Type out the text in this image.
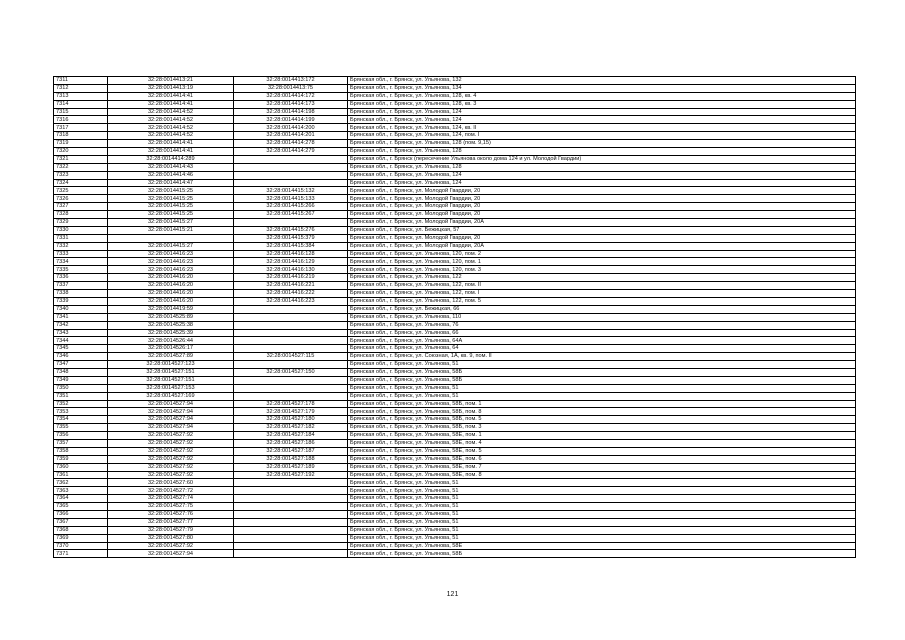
7311	32:28:0014413:21	32:28:0014413:172	Брянская обл., г. Брянск, ул. Ульянова, 132
7312	32:28:0014413:19	32:28:0014413:75	Брянская обл., г. Брянск, ул. Ульянова, 134
7313	32:28:0014414:41	32:28:0014414:172	Брянская обл., г. Брянск, ул. Ульянова, 128, кв. 4
7314	32:28:0014414:41	32:28:0014414:173	Брянская обл., г. Брянск, ул. Ульянова, 128, кв. 3
7315	32:28:0014414:52	32:28:0014414:198	Брянская обл., г. Брянск, ул. Ульянова, 124
7316	32:28:0014414:52	32:28:0014414:199	Брянская обл., г. Брянск, ул. Ульянова, 124
7317	32:28:0014414:52	32:28:0014414:200	Брянская обл., г. Брянск, ул. Ульянова, 124, кв. II
7318	32:28:0014414:52	32:28:0014414:201	Брянская обл., г. Брянск, ул. Ульянова, 124, пом. I
7319	32:28:0014414:41	32:28:0014414:278	Брянская обл., г. Брянск, ул. Ульянова, 128 (пом. 9,15)
7320	32:28:0014414:41	32:28:0014414:279	Брянская обл., г. Брянск, ул. Ульянова, 128
7321	32:28:0014414:289		Брянская обл., г. Брянск (пересечение Ульянова около дома 124 и ул. Молодой Гвардии)
7322	32:28:0014414:43		Брянская обл., г. Брянск, ул. Ульянова, 128
7323	32:28:0014414:46		Брянская обл., г. Брянск, ул. Ульянова, 124
7324	32:28:0014414:47		Брянская обл., г. Брянск, ул. Ульянова, 124
7325	32:28:0014415:25	32:28:0014415:132	Брянская обл., г. Брянск, ул. Молодой Гвардии, 20
7326	32:28:0014415:25	32:28:0014415:133	Брянская обл., г. Брянск, ул. Молодой Гвардии, 20
7327	32:28:0014415:25	32:28:0014415:266	Брянская обл., г. Брянск, ул. Молодой Гвардии, 20
7328	32:28:0014415:25	32:28:0014415:267	Брянская обл., г. Брянск, ул. Молодой Гвардии, 20
7329	32:28:0014415:27		Брянская обл., г. Брянск, ул. Молодой Гвардии, 20А
7330	32:28:0014415:21	32:28:0014415:276	Брянская обл., г. Брянск, ул. Бежицкая, 57
7331		32:28:0014415:379	Брянская обл., г. Брянск, ул. Молодой Гвардии, 20
7332	32:28:0014415:27	32:28:0014415:384	Брянская обл., г. Брянск, ул. Молодой Гвардии, 20А
7333	32:28:0014416:23	32:28:0014416:128	Брянская обл., г. Брянск, ул. Ульянова, 120, пом. 2
7334	32:28:0014416:23	32:28:0014416:129	Брянская обл., г. Брянск, ул. Ульянова, 120, пом. 1
7335	32:28:0014416:23	32:28:0014416:130	Брянская обл., г. Брянск, ул. Ульянова, 120, пом. 3
7336	32:28:0014416:20	32:28:0014416:219	Брянская обл., г. Брянск, ул. Ульянова, 122
7337	32:28:0014416:20	32:28:0014416:221	Брянская обл., г. Брянск, ул. Ульянова, 122, пом. II
7338	32:28:0014416:20	32:28:0014416:222	Брянская обл., г. Брянск, ул. Ульянова, 122, пом. I
7339	32:28:0014416:20	32:28:0014416:223	Брянская обл., г. Брянск, ул. Ульянова, 122, пом. 5
7340	32:28:0014419:59		Брянская обл., г. Брянск, ул. Бежицкая, 66
7341	32:28:0014525:89		Брянская обл., г. Брянск, ул. Ульянова, 110
7342	32:28:0014525:38		Брянская обл., г. Брянск, ул. Ульянова, 76
7343	32:28:0014525:39		Брянская обл., г. Брянск, ул. Ульянова, 66
7344	32:28:0014526:44		Брянская обл., г. Брянск, ул. Ульянова, 64А
7345	32:28:0014526:17		Брянская обл., г. Брянск, ул. Ульянова, 64
7346	32:28:0014527:89	32:28:0014527:115	Брянская обл., г. Брянск, ул. Союзная, 1А, кв. 9, пом. II
7347	32:28:0014527:123		Брянская обл., г. Брянск, ул. Ульянова, 51
7348	32:28:0014527:151	32:28:0014527:150	Брянская обл., г. Брянск, ул. Ульянова, 58Б
7349	32:28:0014527:151		Брянская обл., г. Брянск, ул. Ульянова, 58Б
7350	32:28:0014527:153		Брянская обл., г. Брянск, ул. Ульянова, 51
7351	32:28:0014527:169		Брянская обл., г. Брянск, ул. Ульянова, 51
7352	32:28:0014527:94	32:28:0014527:178	Брянская обл., г. Брянск, ул. Ульянова, 58Б, пом. 1
7353	32:28:0014527:94	32:28:0014527:179	Брянская обл., г. Брянск, ул. Ульянова, 58Б, пом. 8
7354	32:28:0014527:94	32:28:0014527:180	Брянская обл., г. Брянск, ул. Ульянова, 58Б, пом. 5
7355	32:28:0014527:94	32:28:0014527:182	Брянская обл., г. Брянск, ул. Ульянова, 58Б, пом. 3
7356	32:28:0014527:92	32:28:0014527:184	Брянская обл., г. Брянск, ул. Ульянова, 58Е, пом. 1
7357	32:28:0014527:92	32:28:0014527:186	Брянская обл., г. Брянск, ул. Ульянова, 58Е, пом. 4
7358	32:28:0014527:92	32:28:0014527:187	Брянская обл., г. Брянск, ул. Ульянова, 58Е, пом. 5
7359	32:28:0014527:92	32:28:0014527:188	Брянская обл., г. Брянск, ул. Ульянова, 58Е, пом. 6
7360	32:28:0014527:92	32:28:0014527:189	Брянская обл., г. Брянск, ул. Ульянова, 58Е, пом. 7
7361	32:28:0014527:92	32:28:0014527:192	Брянская обл., г. Брянск, ул. Ульянова, 58Е, пом. 8
7362	32:28:0014527:60		Брянская обл., г. Брянск, ул. Ульянова, 51
7363	32:28:0014527:72		Брянская обл., г. Брянск, ул. Ульянова, 51
7364	32:28:0014527:74		Брянская обл., г. Брянск, ул. Ульянова, 51
7365	32:28:0014527:75		Брянская обл., г. Брянск, ул. Ульянова, 51
7366	32:28:0014527:76		Брянская обл., г. Брянск, ул. Ульянова, 51
7367	32:28:0014527:77		Брянская обл., г. Брянск, ул. Ульянова, 51
7368	32:28:0014527:79		Брянская обл., г. Брянск, ул. Ульянова, 51
7369	32:28:0014527:80		Брянская обл., г. Брянск, ул. Ульянова, 51
7370	32:28:0014527:92		Брянская обл., г. Брянск, ул. Ульянова, 58Е
7371	32:28:0014527:94		Брянская обл., г. Брянск, ул. Ульянова, 58Б
121
